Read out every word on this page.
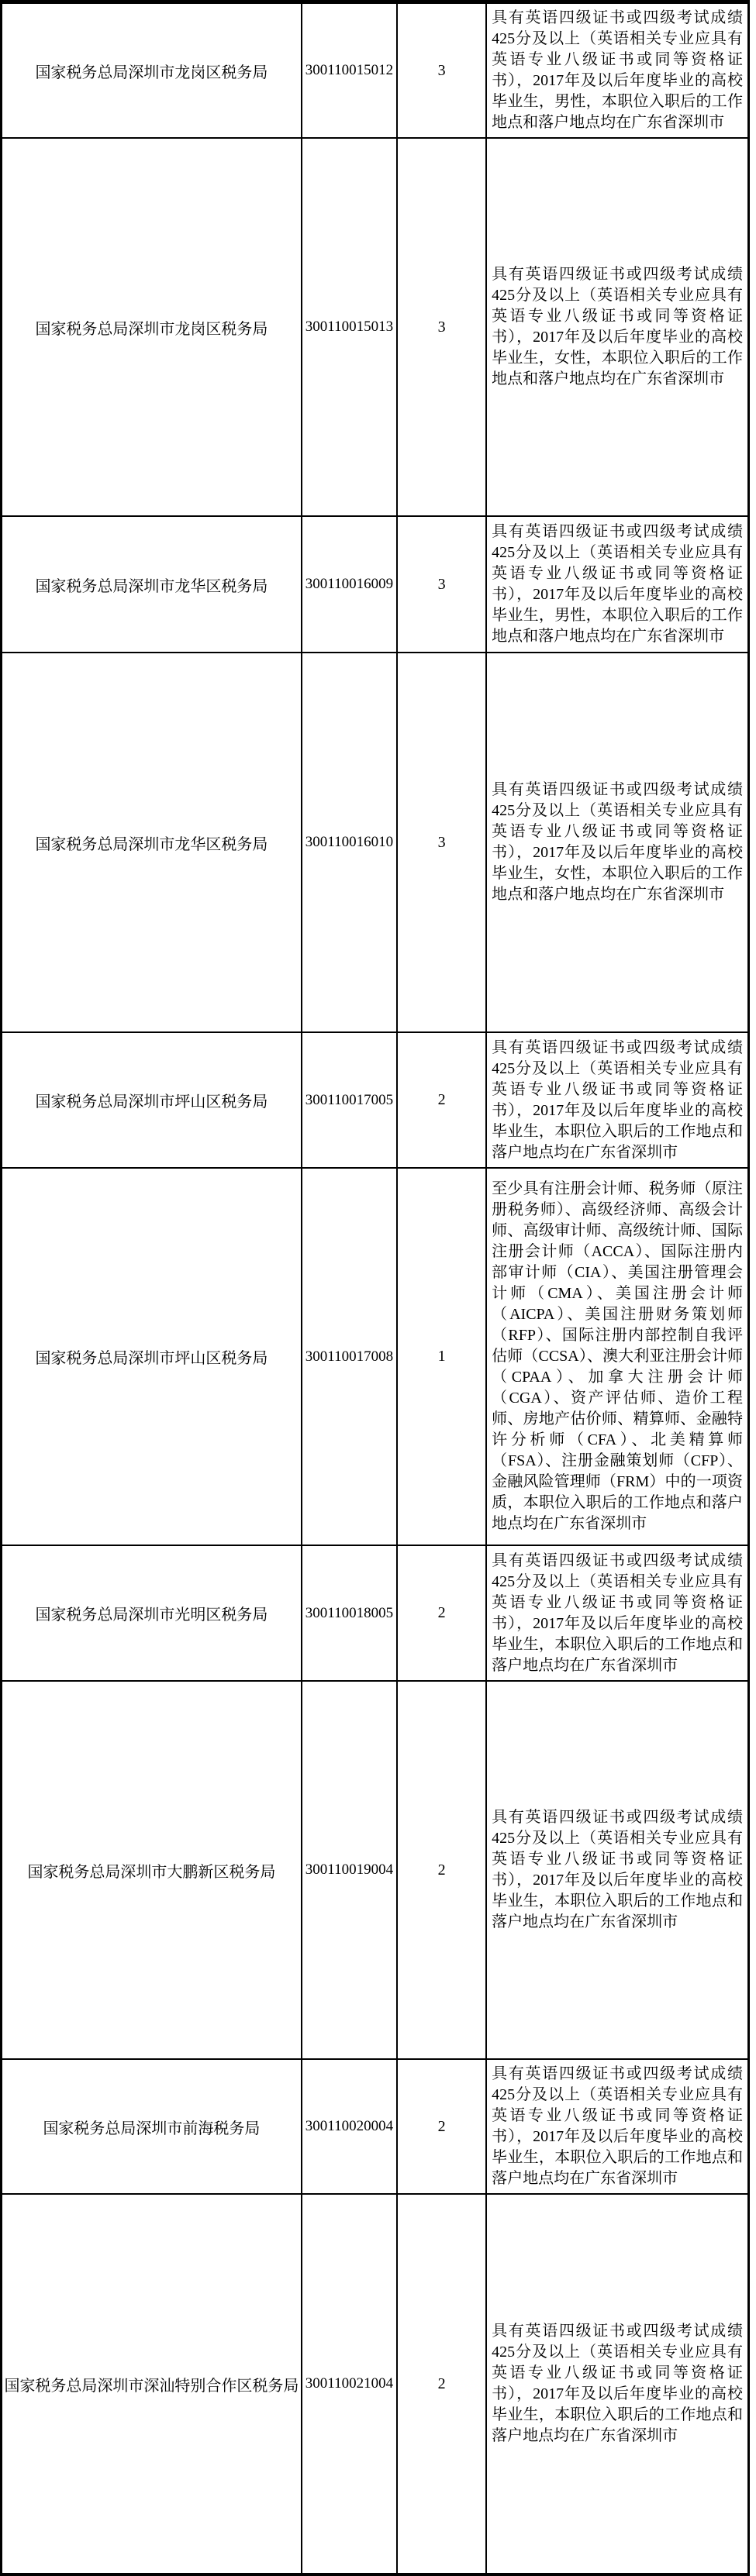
国家税务总局深圳市龙岗区税务局	300110015012	3	具有英语四级证书或四级考试成绩425分及以上（英语相关专业应具有英语专业八级证书或同等资格证书），2017年及以后年度毕业的高校毕业生，男性，本职位入职后的工作地点和落户地点均在广东省深圳市
国家税务总局深圳市龙岗区税务局	300110015013	3	具有英语四级证书或四级考试成绩425分及以上（英语相关专业应具有英语专业八级证书或同等资格证书），2017年及以后年度毕业的高校毕业生，女性，本职位入职后的工作地点和落户地点均在广东省深圳市
国家税务总局深圳市龙华区税务局	300110016009	3	具有英语四级证书或四级考试成绩425分及以上（英语相关专业应具有英语专业八级证书或同等资格证书），2017年及以后年度毕业的高校毕业生，男性，本职位入职后的工作地点和落户地点均在广东省深圳市
国家税务总局深圳市龙华区税务局	300110016010	3	具有英语四级证书或四级考试成绩425分及以上（英语相关专业应具有英语专业八级证书或同等资格证书），2017年及以后年度毕业的高校毕业生，女性，本职位入职后的工作地点和落户地点均在广东省深圳市
国家税务总局深圳市坪山区税务局	300110017005	2	具有英语四级证书或四级考试成绩425分及以上（英语相关专业应具有英语专业八级证书或同等资格证书），2017年及以后年度毕业的高校毕业生，本职位入职后的工作地点和落户地点均在广东省深圳市
国家税务总局深圳市坪山区税务局	300110017008	1	至少具有注册会计师、税务师（原注册税务师）、高级经济师、高级会计师、高级审计师、高级统计师、国际注册会计师（ACCA）、国际注册内部审计师（CIA）、美国注册管理会计师（CMA）、美国注册会计师（AICPA）、美国注册财务策划师（RFP）、国际注册内部控制自我评估师（CCSA）、澳大利亚注册会计师（CPAA）、加拿大注册会计师（CGA）、资产评估师、造价工程师、房地产估价师、精算师、金融特许分析师（CFA）、北美精算师（FSA）、注册金融策划师（CFP）、金融风险管理师（FRM）中的一项资质，本职位入职后的工作地点和落户地点均在广东省深圳市
国家税务总局深圳市光明区税务局	300110018005	2	具有英语四级证书或四级考试成绩425分及以上（英语相关专业应具有英语专业八级证书或同等资格证书），2017年及以后年度毕业的高校毕业生，本职位入职后的工作地点和落户地点均在广东省深圳市
国家税务总局深圳市大鹏新区税务局	300110019004	2	具有英语四级证书或四级考试成绩425分及以上（英语相关专业应具有英语专业八级证书或同等资格证书），2017年及以后年度毕业的高校毕业生，本职位入职后的工作地点和落户地点均在广东省深圳市
国家税务总局深圳市前海税务局	300110020004	2	具有英语四级证书或四级考试成绩425分及以上（英语相关专业应具有英语专业八级证书或同等资格证书），2017年及以后年度毕业的高校毕业生，本职位入职后的工作地点和落户地点均在广东省深圳市
国家税务总局深圳市深汕特别合作区税务局	300110021004	2	具有英语四级证书或四级考试成绩425分及以上（英语相关专业应具有英语专业八级证书或同等资格证书），2017年及以后年度毕业的高校毕业生，本职位入职后的工作地点和落户地点均在广东省深圳市
